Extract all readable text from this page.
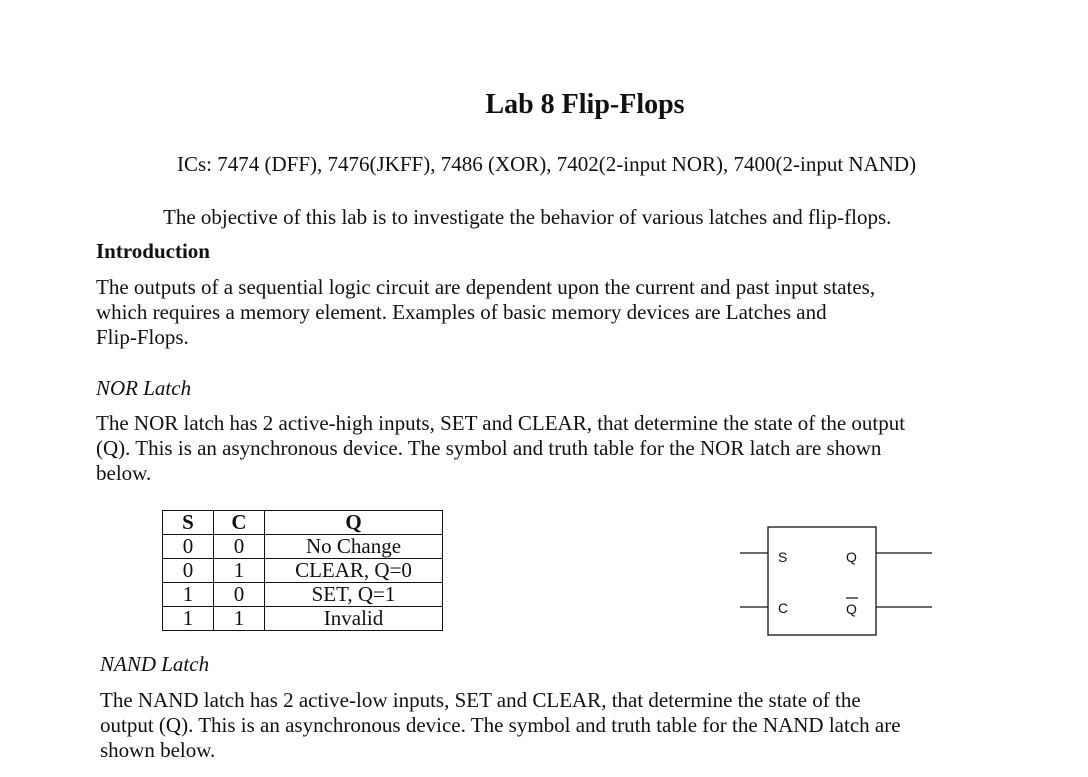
Lab 8 Flip-Flops
ICs: 7474 (DFF), 7476(JKFF), 7486 (XOR), 7402(2-input NOR), 7400(2-input NAND)
The objective of this lab is to investigate the behavior of various latches and flip-flops.
Introduction
The outputs of a sequential logic circuit are dependent upon the current and past input states,
which requires a memory element. Examples of basic memory devices are Latches and
Flip-Flops.
NOR Latch
The NOR latch has 2 active-high inputs, SET and CLEAR, that determine the state of the output
(Q). This is an asynchronous device. The symbol and truth table for the NOR latch are shown
below.
S	C	Q
0	0	No Change
0	1	CLEAR, Q=0
1	0	SET, Q=1
1	1	Invalid
S
C
Q
Q
NAND Latch
The NAND latch has 2 active-low inputs, SET and CLEAR, that determine the state of the
output (Q). This is an asynchronous device. The symbol and truth table for the NAND latch are
shown below.
